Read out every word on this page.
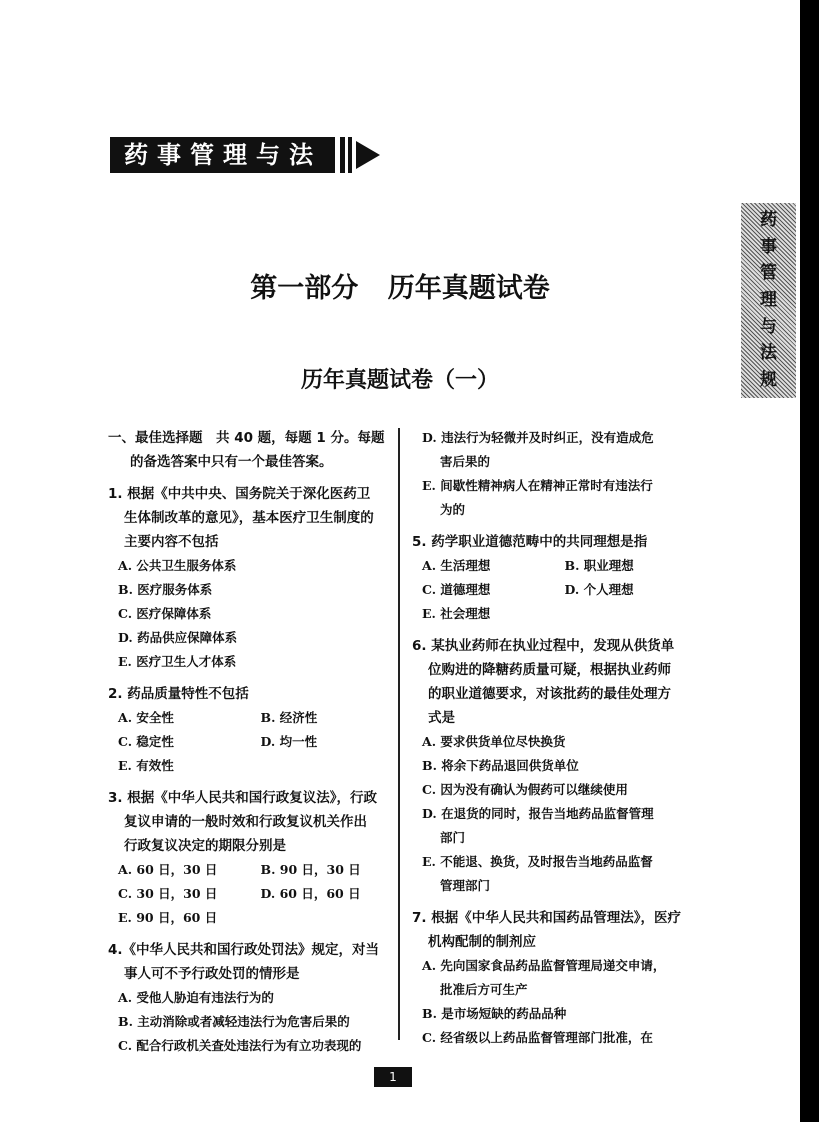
药事管理与法规
药
事
管
理
与
法
规
第一部分 历年真题试卷
历年真题试卷（一）
一、最佳选择题　共 40 题，每题 1 分。每题
的备选答案中只有一个最佳答案。
1. 根据《中共中央、国务院关于深化医药卫
生体制改革的意见》，基本医疗卫生制度的
主要内容不包括
A. 公共卫生服务体系
B. 医疗服务体系
C. 医疗保障体系
D. 药品供应保障体系
E. 医疗卫生人才体系
2. 药品质量特性不包括
A. 安全性	B. 经济性
C. 稳定性	D. 均一性
E. 有效性
3. 根据《中华人民共和国行政复议法》，行政
复议申请的一般时效和行政复议机关作出
行政复议决定的期限分别是
A. 60 日，30 日	B. 90 日，30 日
C. 30 日，30 日	D. 60 日，60 日
E. 90 日，60 日
4.《中华人民共和国行政处罚法》规定，对当
事人可不予行政处罚的情形是
A. 受他人胁迫有违法行为的
B. 主动消除或者减轻违法行为危害后果的
C. 配合行政机关查处违法行为有立功表现的
D. 违法行为轻微并及时纠正，没有造成危
害后果的
E. 间歇性精神病人在精神正常时有违法行
为的
5. 药学职业道德范畴中的共同理想是指
A. 生活理想	B. 职业理想
C. 道德理想	D. 个人理想
E. 社会理想
6. 某执业药师在执业过程中，发现从供货单
位购进的降糖药质量可疑，根据执业药师
的职业道德要求，对该批药的最佳处理方
式是
A. 要求供货单位尽快换货
B. 将余下药品退回供货单位
C. 因为没有确认为假药可以继续使用
D. 在退货的同时，报告当地药品监督管理
部门
E. 不能退、换货，及时报告当地药品监督
管理部门
7. 根据《中华人民共和国药品管理法》，医疗
机构配制的制剂应
A. 先向国家食品药品监督管理局递交申请，
批准后方可生产
B. 是市场短缺的药品品种
C. 经省级以上药品监督管理部门批准，在
1
